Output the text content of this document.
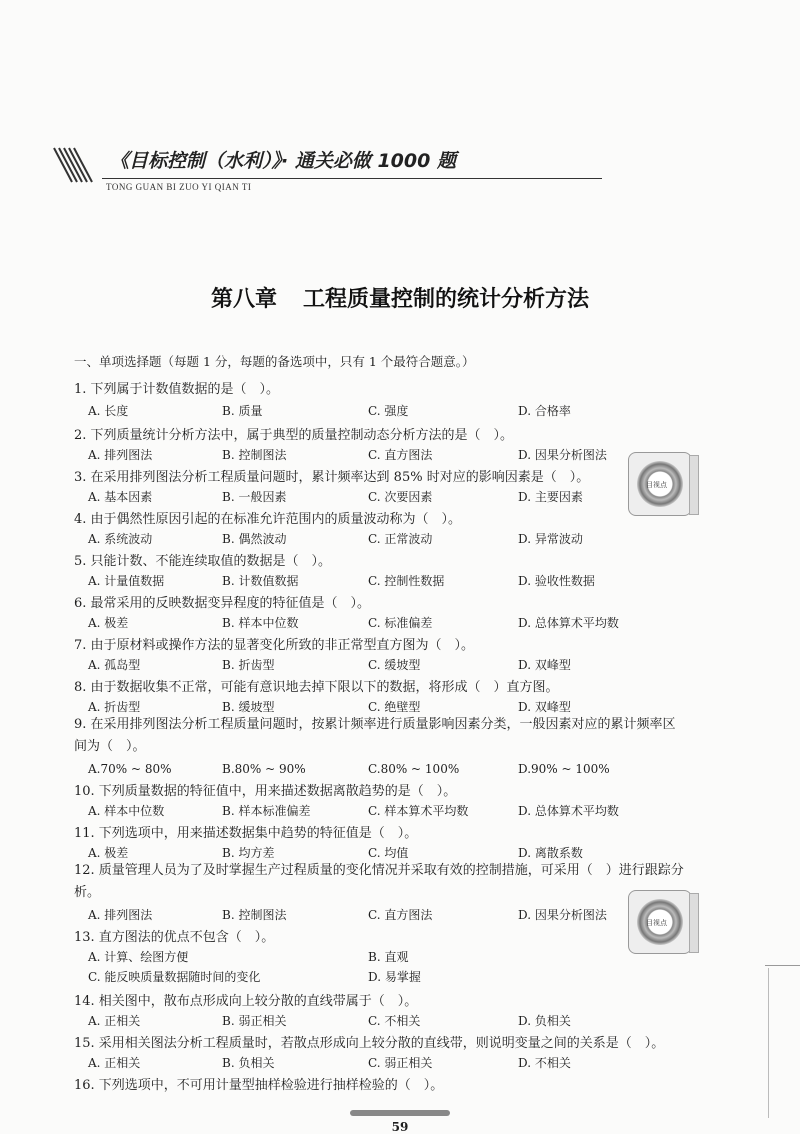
《目标控制（水利）》· 通关必做 1000 题
TONG GUAN BI ZUO YI QIAN TI
第八章 工程质量控制的统计分析方法
一、单项选择题（每题 1 分，每题的备选项中，只有 1 个最符合题意。）
1. 下列属于计数值数据的是（　）。
A. 长度	B. 质量	C. 强度	D. 合格率
2. 下列质量统计分析方法中，属于典型的质量控制动态分析方法的是（　）。
A. 排列图法	B. 控制图法	C. 直方图法	D. 因果分析图法
3. 在采用排列图法分析工程质量问题时，累计频率达到 85% 时对应的影响因素是（　）。
A. 基本因素	B. 一般因素	C. 次要因素	D. 主要因素
4. 由于偶然性原因引起的在标准允许范围内的质量波动称为（　）。
A. 系统波动	B. 偶然波动	C. 正常波动	D. 异常波动
5. 只能计数、不能连续取值的数据是（　）。
A. 计量值数据	B. 计数值数据	C. 控制性数据	D. 验收性数据
6. 最常采用的反映数据变异程度的特征值是（　）。
A. 极差	B. 样本中位数	C. 标准偏差	D. 总体算术平均数
7. 由于原材料或操作方法的显著变化所致的非正常型直方图为（　）。
A. 孤岛型	B. 折齿型	C. 缓坡型	D. 双峰型
8. 由于数据收集不正常，可能有意识地去掉下限以下的数据，将形成（　）直方图。
A. 折齿型	B. 缓坡型	C. 绝壁型	D. 双峰型
9. 在采用排列图法分析工程质量问题时，按累计频率进行质量影响因素分类，一般因素对应的累计频率区间为（　）。
A.70% ~ 80%	B.80% ~ 90%	C.80% ~ 100%	D.90% ~ 100%
10. 下列质量数据的特征值中，用来描述数据离散趋势的是（　）。
A. 样本中位数	B. 样本标准偏差	C. 样本算术平均数	D. 总体算术平均数
11. 下列选项中，用来描述数据集中趋势的特征值是（　）。
A. 极差	B. 均方差	C. 均值	D. 离散系数
12. 质量管理人员为了及时掌握生产过程质量的变化情况并采取有效的控制措施，可采用（　）进行跟踪分析。
A. 排列图法	B. 控制图法	C. 直方图法	D. 因果分析图法
13. 直方图法的优点不包含（　）。
A. 计算、绘图方便	B. 直观
C. 能反映质量数据随时间的变化	D. 易掌握
14. 相关图中，散布点形成向上较分散的直线带属于（　）。
A. 正相关	B. 弱正相关	C. 不相关	D. 负相关
15. 采用相关图法分析工程质量时，若散点形成向上较分散的直线带，则说明变量之间的关系是（　）。
A. 正相关	B. 负相关	C. 弱正相关	D. 不相关
16. 下列选项中，不可用计量型抽样检验进行抽样检验的（　）。
目视点
目视点
59
